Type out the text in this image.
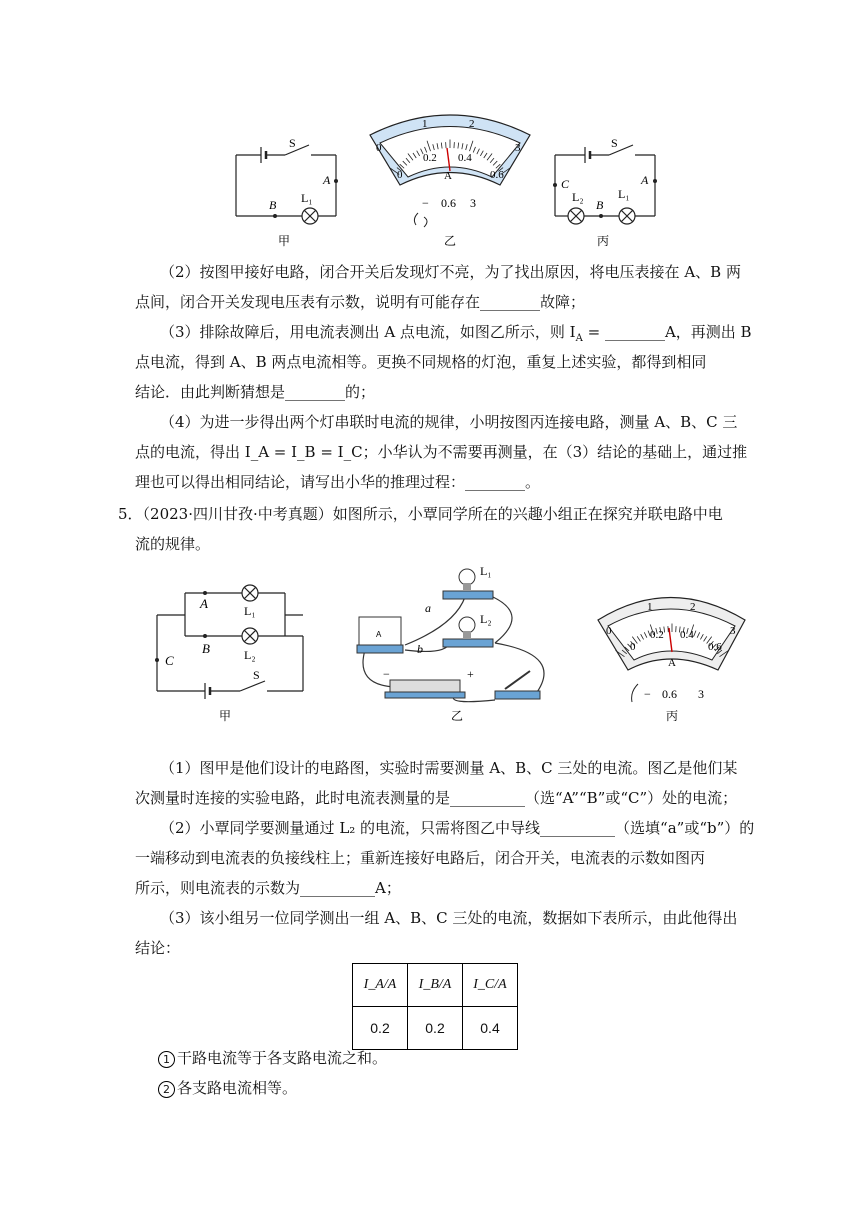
S
A
B L₁
甲
0
1	2
3
0
0.2 0.4
0.6
A
− 0.6 3
乙
S
A
C
B
L₂	L₁
丙
（2）按图甲接好电路，闭合开关后发现灯不亮，为了找出原因，将电压表接在 A、B 两
点间，闭合开关发现电压表有示数，说明有可能存在________故障；
（3）排除故障后，用电流表测出 A 点电流，如图乙所示，则 $I_A$ = ________A，再测出 B
点电流，得到 A、B 两点电流相等。更换不同规格的灯泡，重复上述实验，都得到相同
结论．由此判断猜想是________的；
（4）为进一步得出两个灯串联时电流的规律，小明按图丙连接电路，测量 A、B、C 三
点的电流，得出 I_A = I_B = I_C；小华认为不需要再测量，在（3）结论的基础上，通过推
理也可以得出相同结论，请写出小华的推理过程：________。
5．（2023·四川甘孜·中考真题）如图所示，小覃同学所在的兴趣小组正在探究并联电路中电
流的规律。
A	L₁
B	L₂
C
S
甲
A
L₁
L₂
a
b
−	+
乙
0
1	2
3
0
0.2 0.4
0.6
A
− 0.6 3
丙
（1）图甲是他们设计的电路图，实验时需要测量 A、B、C 三处的电流。图乙是他们某
次测量时连接的实验电路，此时电流表测量的是__________（选“A”“B”或“C”）处的电流；
（2）小覃同学要测量通过 L₂ 的电流，只需将图乙中导线__________（选填“a”或“b”）的
一端移动到电流表的负接线柱上；重新连接好电路后，闭合开关，电流表的示数如图丙
所示，则电流表的示数为__________A；
（3）该小组另一位同学测出一组 A、B、C 三处的电流，数据如下表所示，由此他得出
结论：
I_A/A	I_B/A	I_C/A
0.2	0.2	0.4
1 干路电流等于各支路电流之和。
2 各支路电流相等。
